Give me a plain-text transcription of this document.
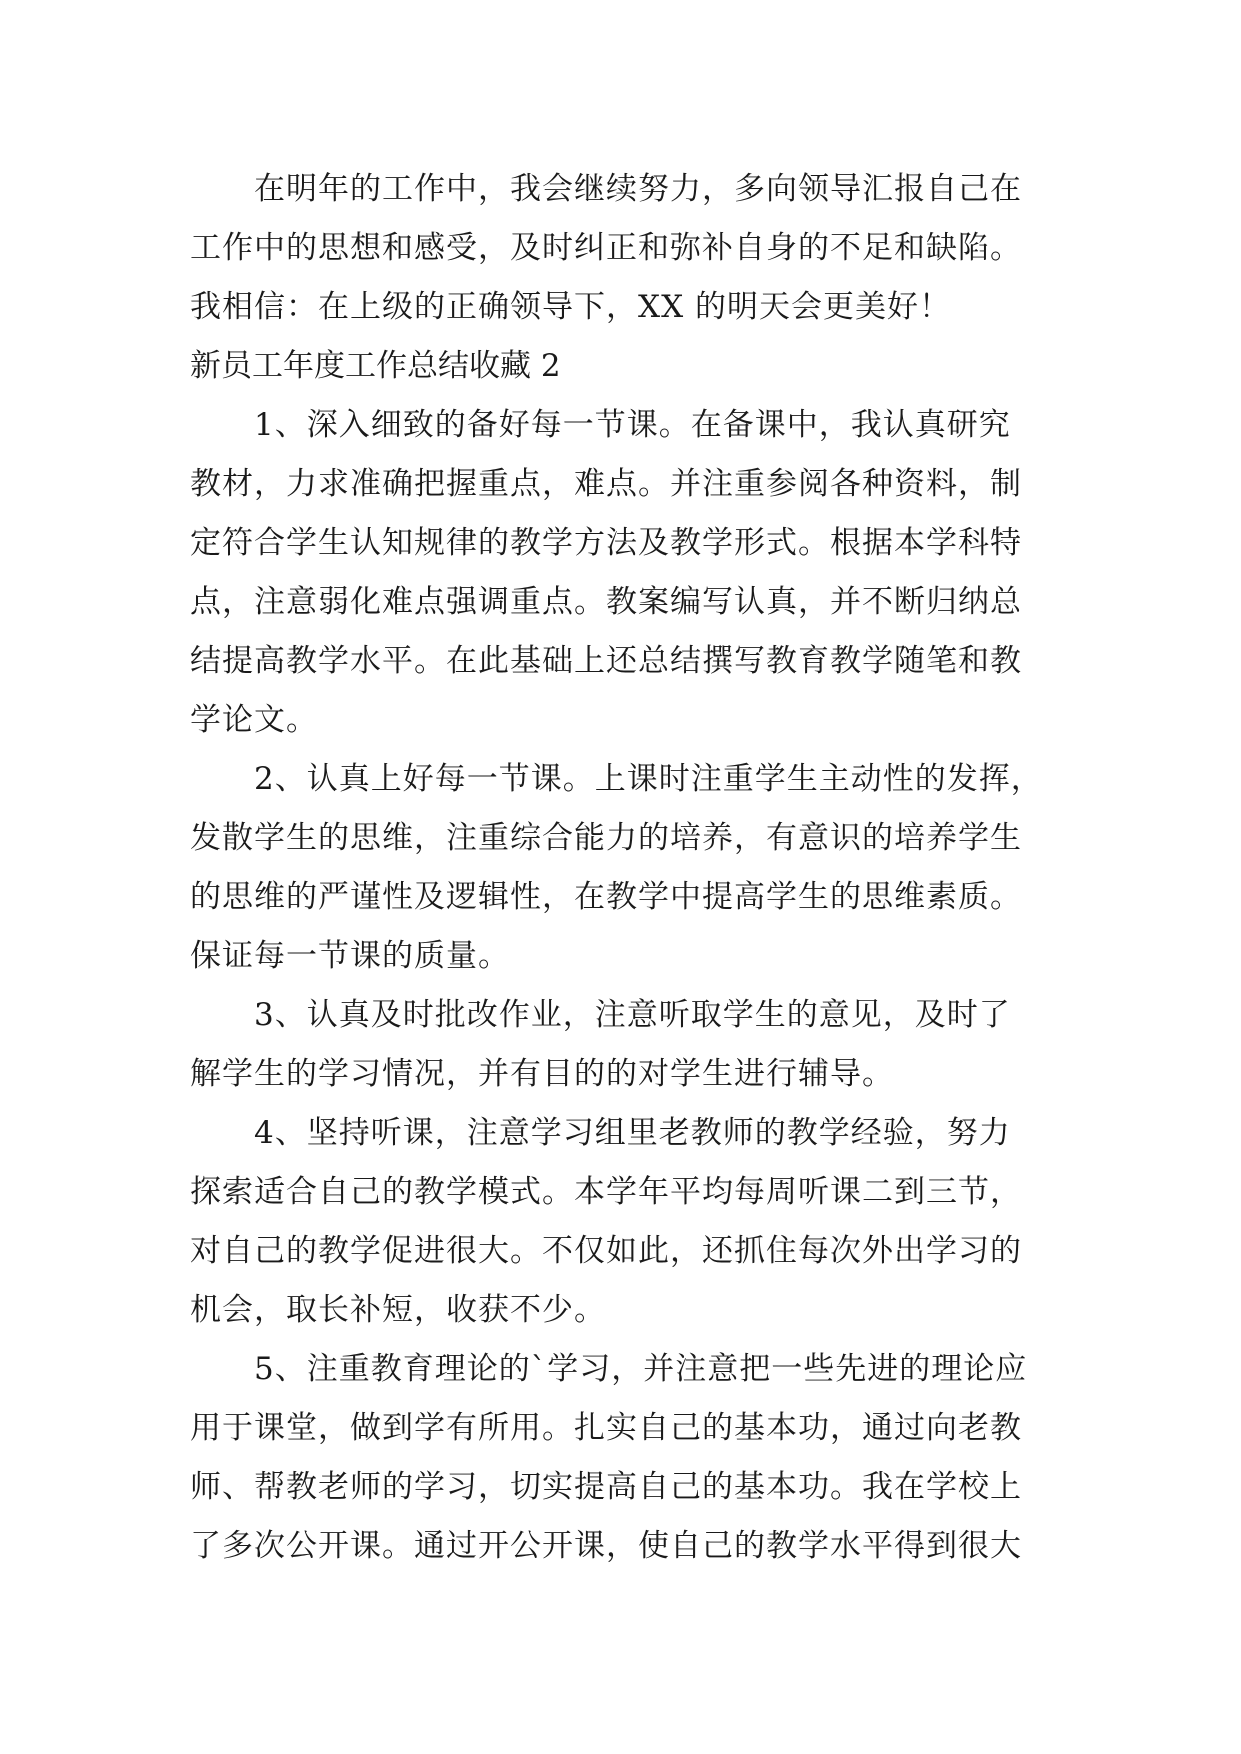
在明年的工作中，我会继续努力，多向领导汇报自己在
工作中的思想和感受，及时纠正和弥补自身的不足和缺陷。
我相信：在上级的正确领导下，XX 的明天会更美好！
新员工年度工作总结收藏 2
1、深入细致的备好每一节课。在备课中，我认真研究
教材，力求准确把握重点，难点。并注重参阅各种资料，制
定符合学生认知规律的教学方法及教学形式。根据本学科特
点，注意弱化难点强调重点。教案编写认真，并不断归纳总
结提高教学水平。在此基础上还总结撰写教育教学随笔和教
学论文。
2、认真上好每一节课。上课时注重学生主动性的发挥，
发散学生的思维，注重综合能力的培养，有意识的培养学生
的思维的严谨性及逻辑性，在教学中提高学生的思维素质。
保证每一节课的质量。
3、认真及时批改作业，注意听取学生的意见，及时了
解学生的学习情况，并有目的的对学生进行辅导。
4、坚持听课，注意学习组里老教师的教学经验，努力
探索适合自己的教学模式。本学年平均每周听课二到三节，
对自己的教学促进很大。不仅如此，还抓住每次外出学习的
机会，取长补短，收获不少。
5、注重教育理论的`学习，并注意把一些先进的理论应
用于课堂，做到学有所用。扎实自己的基本功，通过向老教
师、帮教老师的学习，切实提高自己的基本功。我在学校上
了多次公开课。通过开公开课，使自己的教学水平得到很大
